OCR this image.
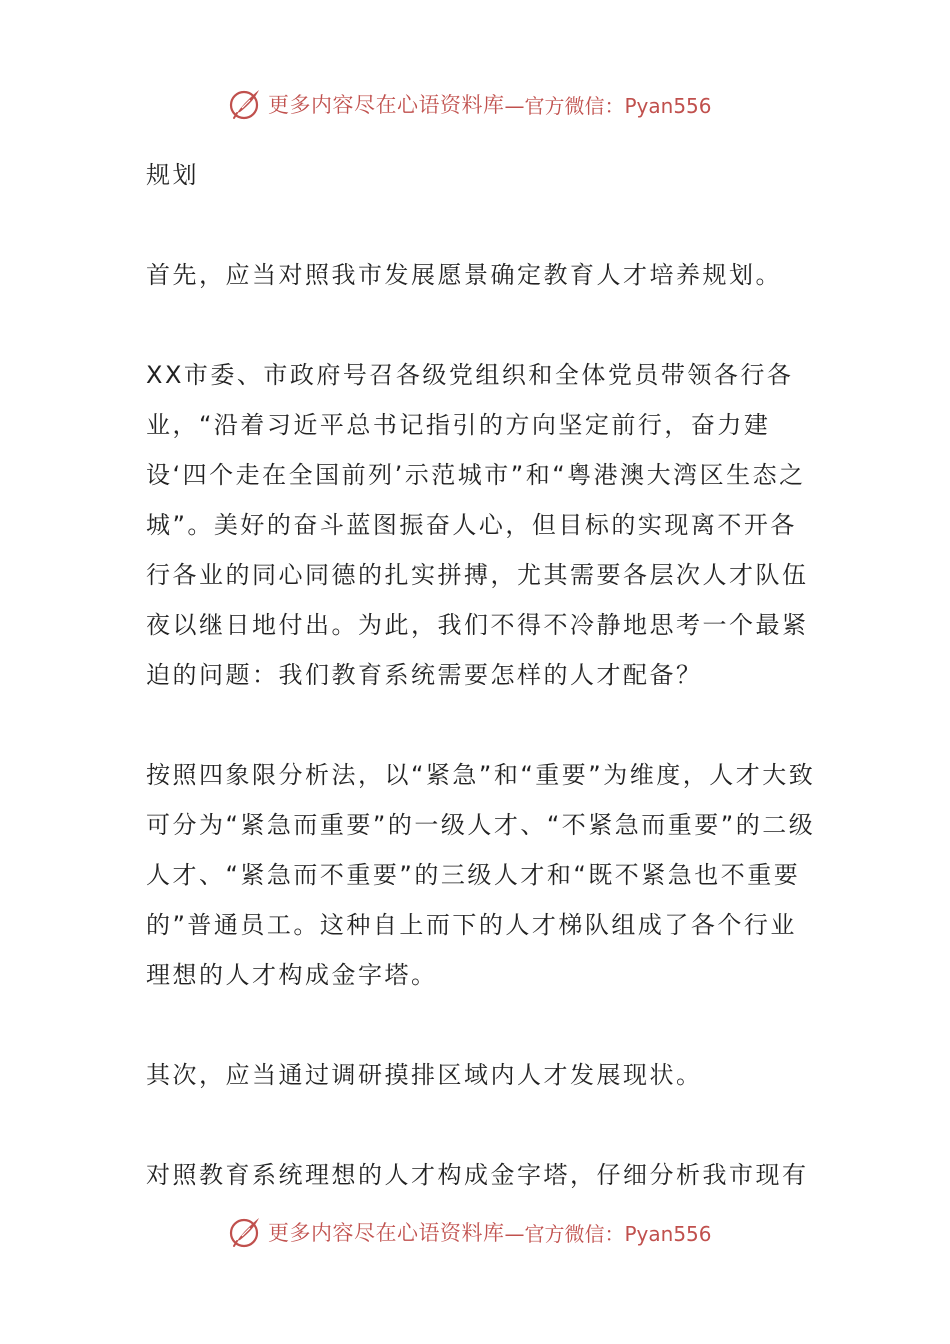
更多内容尽在心语资料库 —官方微信：Pyan556

规划

首先，应当对照我市发展愿景确定教育人才培养规划。

XX市委、市政府号召各级党组织和全体党员带领各行各业，“沿着习近平总书记指引的方向坚定前行，奋力建设‘四个走在全国前列’示范城市”和“粤港澳大湾区生态之城”。美好的奋斗蓝图振奋人心，但目标的实现离不开各行各业的同心同德的扎实拼搏，尤其需要各层次人才队伍夜以继日地付出。为此，我们不得不冷静地思考一个最紧迫的问题：我们教育系统需要怎样的人才配备？

按照四象限分析法，以“紧急”和“重要”为维度，人才大致可分为“紧急而重要”的一级人才、“不紧急而重要”的二级人才、“紧急而不重要”的三级人才和“既不紧急也不重要的”普通员工。这种自上而下的人才梯队组成了各个行业理想的人才构成金字塔。

其次，应当通过调研摸排区域内人才发展现状。

对照教育系统理想的人才构成金字塔，仔细分析我市现有

更多内容尽在心语资料库 —官方微信：Pyan556
